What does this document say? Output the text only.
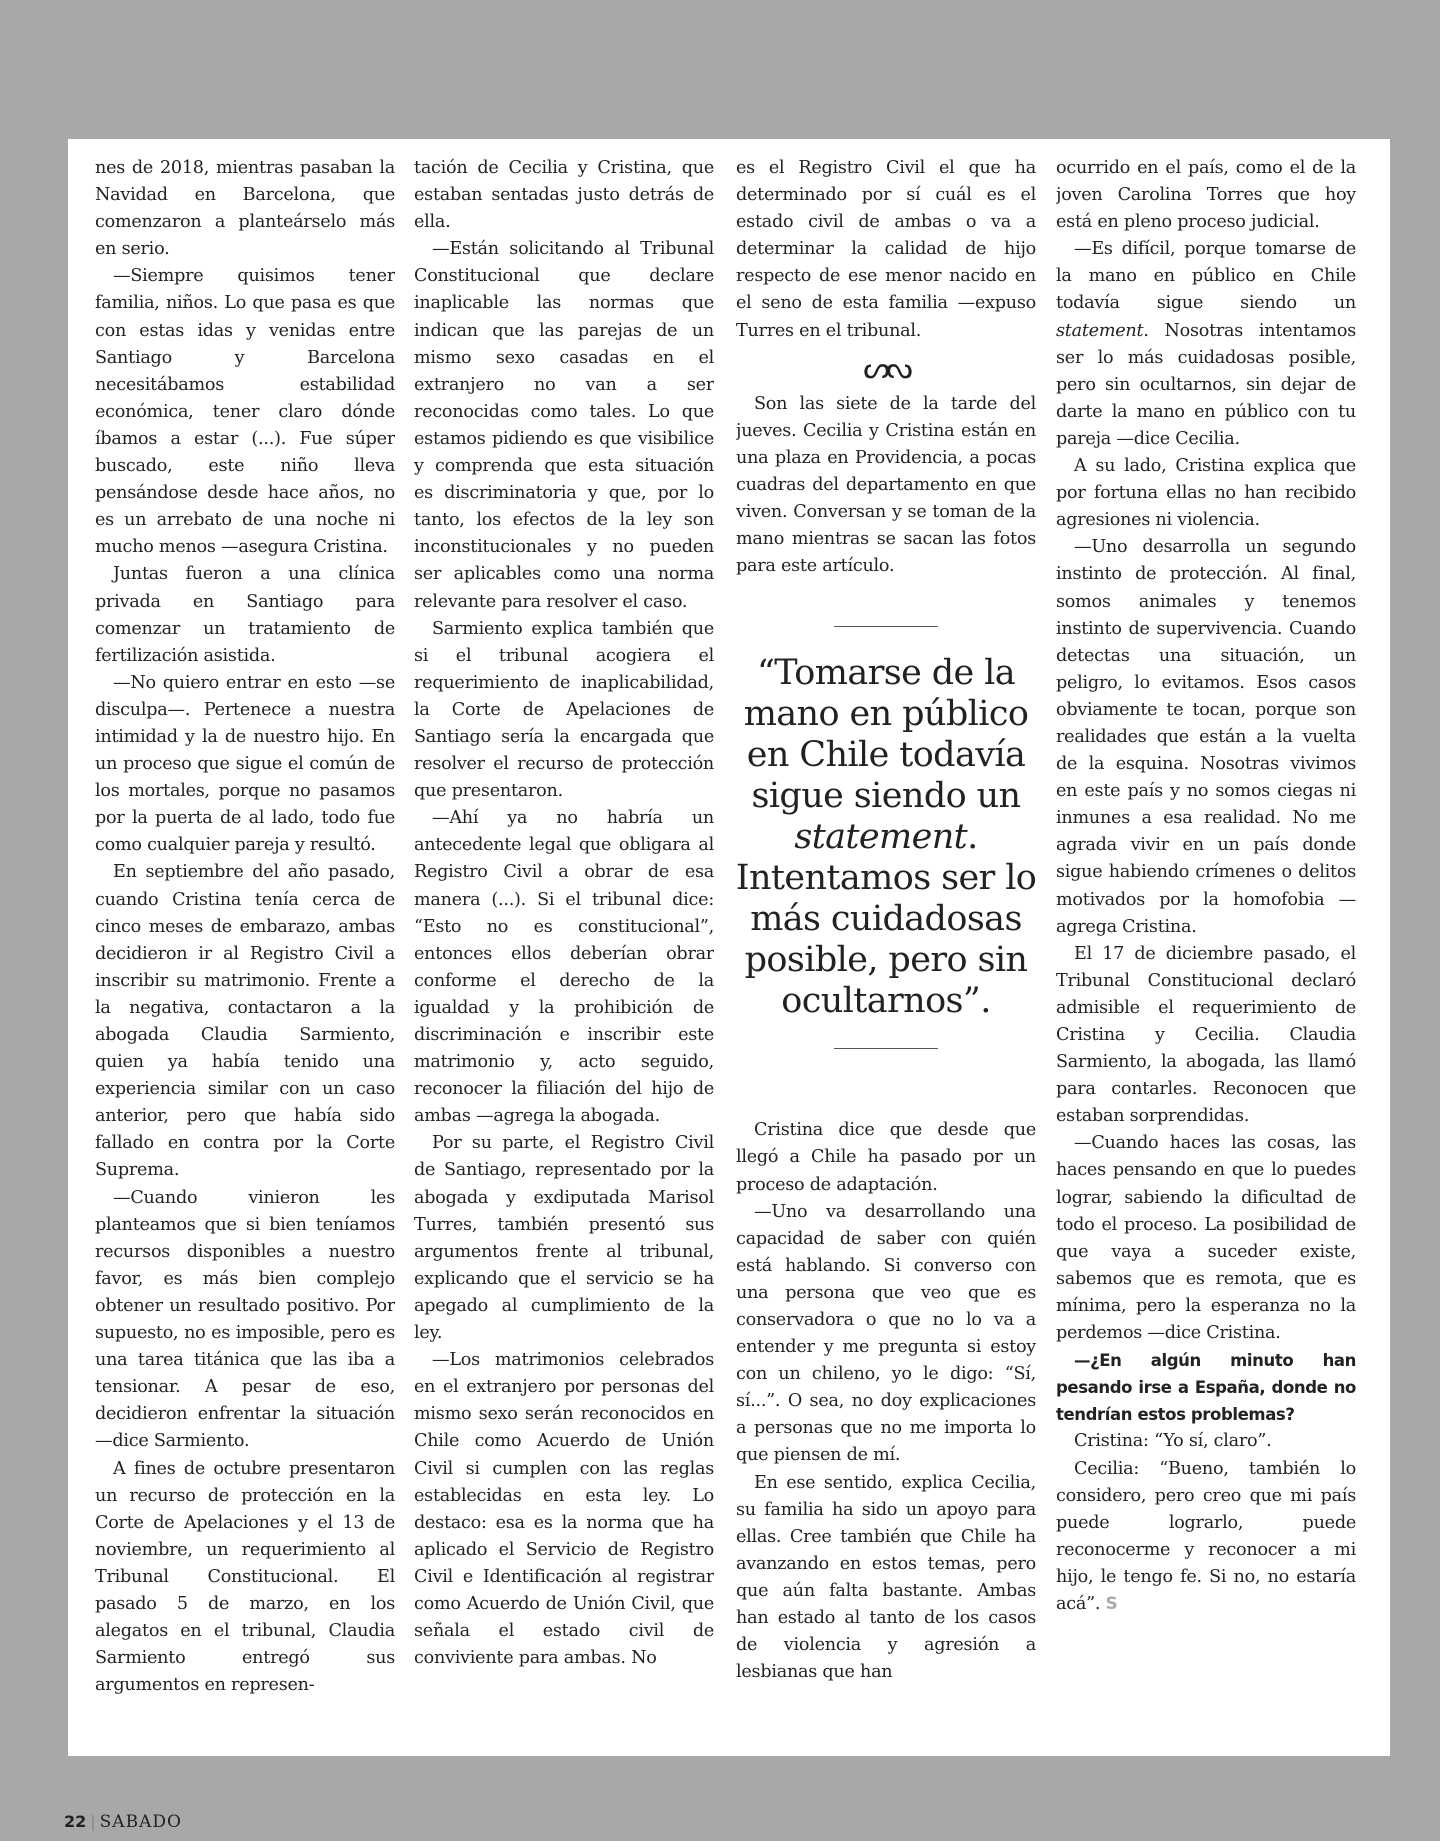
nes de 2018, mientras pasaban la Navidad en Barcelona, que comenzaron a planteárselo más en serio.

—Siempre quisimos tener familia, niños. Lo que pasa es que con estas idas y venidas entre Santiago y Barcelona necesitábamos estabilidad económica, tener claro dónde íbamos a estar (...). Fue súper buscado, este niño lleva pensándose desde hace años, no es un arrebato de una noche ni mucho menos —asegura Cristina.

Juntas fueron a una clínica privada en Santiago para comenzar un tratamiento de fertilización asistida.

—No quiero entrar en esto —se disculpa—. Pertenece a nuestra intimidad y la de nuestro hijo. En un proceso que sigue el común de los mortales, porque no pasamos por la puerta de al lado, todo fue como cualquier pareja y resultó.

En septiembre del año pasado, cuando Cristina tenía cerca de cinco meses de embarazo, ambas decidieron ir al Registro Civil a inscribir su matrimonio. Frente a la negativa, contactaron a la abogada Claudia Sarmiento, quien ya había tenido una experiencia similar con un caso anterior, pero que había sido fallado en contra por la Corte Suprema.

—Cuando vinieron les planteamos que si bien teníamos recursos disponibles a nuestro favor, es más bien complejo obtener un resultado positivo. Por supuesto, no es imposible, pero es una tarea titánica que las iba a tensionar. A pesar de eso, decidieron enfrentar la situación —dice Sarmiento.

A fines de octubre presentaron un recurso de protección en la Corte de Apelaciones y el 13 de noviembre, un requerimiento al Tribunal Constitucional. El pasado 5 de marzo, en los alegatos en el tribunal, Claudia Sarmiento entregó sus argumentos en represen-

tación de Cecilia y Cristina, que estaban sentadas justo detrás de ella.

—Están solicitando al Tribunal Constitucional que declare inaplicable las normas que indican que las parejas de un mismo sexo casadas en el extranjero no van a ser reconocidas como tales. Lo que estamos pidiendo es que visibilice y comprenda que esta situación es discriminatoria y que, por lo tanto, los efectos de la ley son inconstitucionales y no pueden ser aplicables como una norma relevante para resolver el caso.

Sarmiento explica también que si el tribunal acogiera el requerimiento de inaplicabilidad, la Corte de Apelaciones de Santiago sería la encargada que resolver el recurso de protección que presentaron.

—Ahí ya no habría un antecedente legal que obligara al Registro Civil a obrar de esa manera (...). Si el tribunal dice: “Esto no es constitucional”, entonces ellos deberían obrar conforme el derecho de la igualdad y la prohibición de discriminación e inscribir este matrimonio y, acto seguido, reconocer la filiación del hijo de ambas —agrega la abogada.

Por su parte, el Registro Civil de Santiago, representado por la abogada y exdiputada Marisol Turres, también presentó sus argumentos frente al tribunal, explicando que el servicio se ha apegado al cumplimiento de la ley.

—Los matrimonios celebrados en el extranjero por personas del mismo sexo serán reconocidos en Chile como Acuerdo de Unión Civil si cumplen con las reglas establecidas en esta ley. Lo destaco: esa es la norma que ha aplicado el Servicio de Registro Civil e Identificación al registrar como Acuerdo de Unión Civil, que señala el estado civil de conviviente para ambas. No

es el Registro Civil el que ha determinado por sí cuál es el estado civil de ambas o va a determinar la calidad de hijo respecto de ese menor nacido en el seno de esta familia —expuso Turres en el tribunal.

ᔕᔓ

Son las siete de la tarde del jueves. Cecilia y Cristina están en una plaza en Providencia, a pocas cuadras del departamento en que viven. Conversan y se toman de la mano mientras se sacan las fotos para este artículo.

“Tomarse de la mano en público en Chile todavía sigue siendo un statement. Intentamos ser lo más cuidadosas posible, pero sin ocultarnos”.

Cristina dice que desde que llegó a Chile ha pasado por un proceso de adaptación.

—Uno va desarrollando una capacidad de saber con quién está hablando. Si converso con una persona que veo que es conservadora o que no lo va a entender y me pregunta si estoy con un chileno, yo le digo: “Sí, sí...”. O sea, no doy explicaciones a personas que no me importa lo que piensen de mí.

En ese sentido, explica Cecilia, su familia ha sido un apoyo para ellas. Cree también que Chile ha avanzando en estos temas, pero que aún falta bastante. Ambas han estado al tanto de los casos de violencia y agresión a lesbianas que han

ocurrido en el país, como el de la joven Carolina Torres que hoy está en pleno proceso judicial.

—Es difícil, porque tomarse de la mano en público en Chile todavía sigue siendo un statement. Nosotras intentamos ser lo más cuidadosas posible, pero sin ocultarnos, sin dejar de darte la mano en público con tu pareja —dice Cecilia.

A su lado, Cristina explica que por fortuna ellas no han recibido agresiones ni violencia.

—Uno desarrolla un segundo instinto de protección. Al final, somos animales y tenemos instinto de supervivencia. Cuando detectas una situación, un peligro, lo evitamos. Esos casos obviamente te tocan, porque son realidades que están a la vuelta de la esquina. Nosotras vivimos en este país y no somos ciegas ni inmunes a esa realidad. No me agrada vivir en un país donde sigue habiendo crímenes o delitos motivados por la homofobia —agrega Cristina.

El 17 de diciembre pasado, el Tribunal Constitucional declaró admisible el requerimiento de Cristina y Cecilia. Claudia Sarmiento, la abogada, las llamó para contarles. Reconocen que estaban sorprendidas.

—Cuando haces las cosas, las haces pensando en que lo puedes lograr, sabiendo la dificultad de todo el proceso. La posibilidad de que vaya a suceder existe, sabemos que es remota, que es mínima, pero la esperanza no la perdemos —dice Cristina.

—¿En algún minuto han pesando irse a España, donde no tendrían estos problemas?

Cristina: “Yo sí, claro”.

Cecilia: “Bueno, también lo considero, pero creo que mi país puede lograrlo, puede reconocerme y reconocer a mi hijo, le tengo fe. Si no, no estaría acá”. S

22 | SABADO
